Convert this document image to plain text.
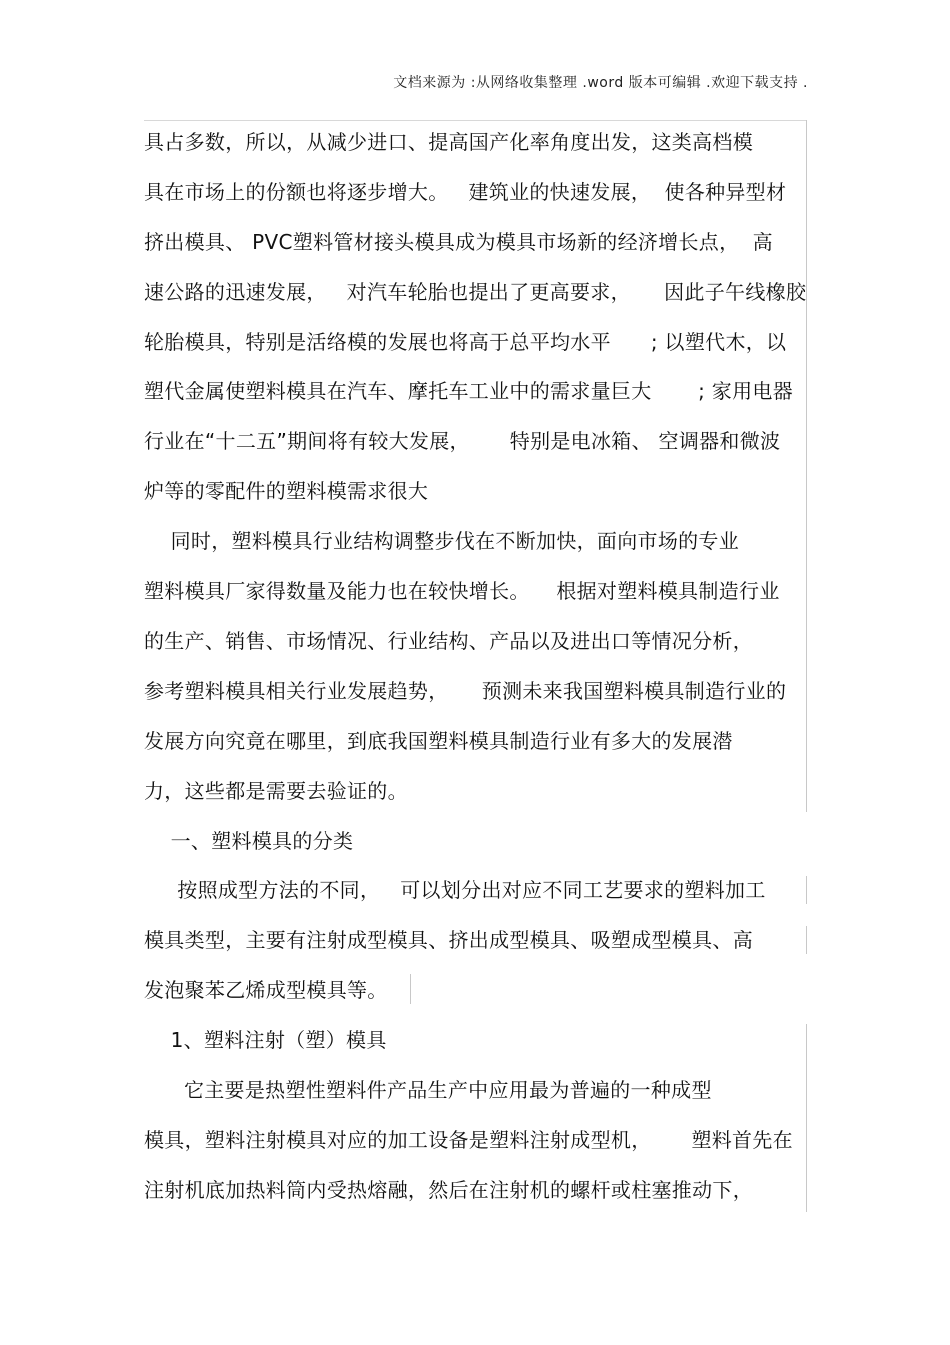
文档来源为 :从网络收集整理 .word 版本可编辑 .欢迎下载支持 .
具占多数，所以，从减少进口、提高国产化率角度出发，这类高档模
具在市场上的份额也将逐步增大。   建筑业的快速发展，  使各种异型材
挤出模具、 PVC塑料管材接头模具成为模具市场新的经济增长点，  高
速公路的迅速发展，   对汽车轮胎也提出了更高要求，     因此子午线橡胶
轮胎模具，特别是活络模的发展也将高于总平均水平      ; 以塑代木，以
塑代金属使塑料模具在汽车、摩托车工业中的需求量巨大       ; 家用电器
行业在“十二五”期间将有较大发展，      特别是电冰箱、 空调器和微波
炉等的零配件的塑料模需求很大
同时，塑料模具行业结构调整步伐在不断加快，面向市场的专业
塑料模具厂家得数量及能力也在较快增长。    根据对塑料模具制造行业
的生产、销售、市场情况、行业结构、产品以及进出口等情况分析，
参考塑料模具相关行业发展趋势，     预测未来我国塑料模具制造行业的
发展方向究竟在哪里，到底我国塑料模具制造行业有多大的发展潜
力，这些都是需要去验证的。
一、塑料模具的分类
按照成型方法的不同，   可以划分出对应不同工艺要求的塑料加工
模具类型，主要有注射成型模具、挤出成型模具、吸塑成型模具、高
发泡聚苯乙烯成型模具等。
1、塑料注射（塑）模具
它主要是热塑性塑料件产品生产中应用最为普遍的一种成型
模具，塑料注射模具对应的加工设备是塑料注射成型机，      塑料首先在
注射机底加热料筒内受热熔融，然后在注射机的螺杆或柱塞推动下，
